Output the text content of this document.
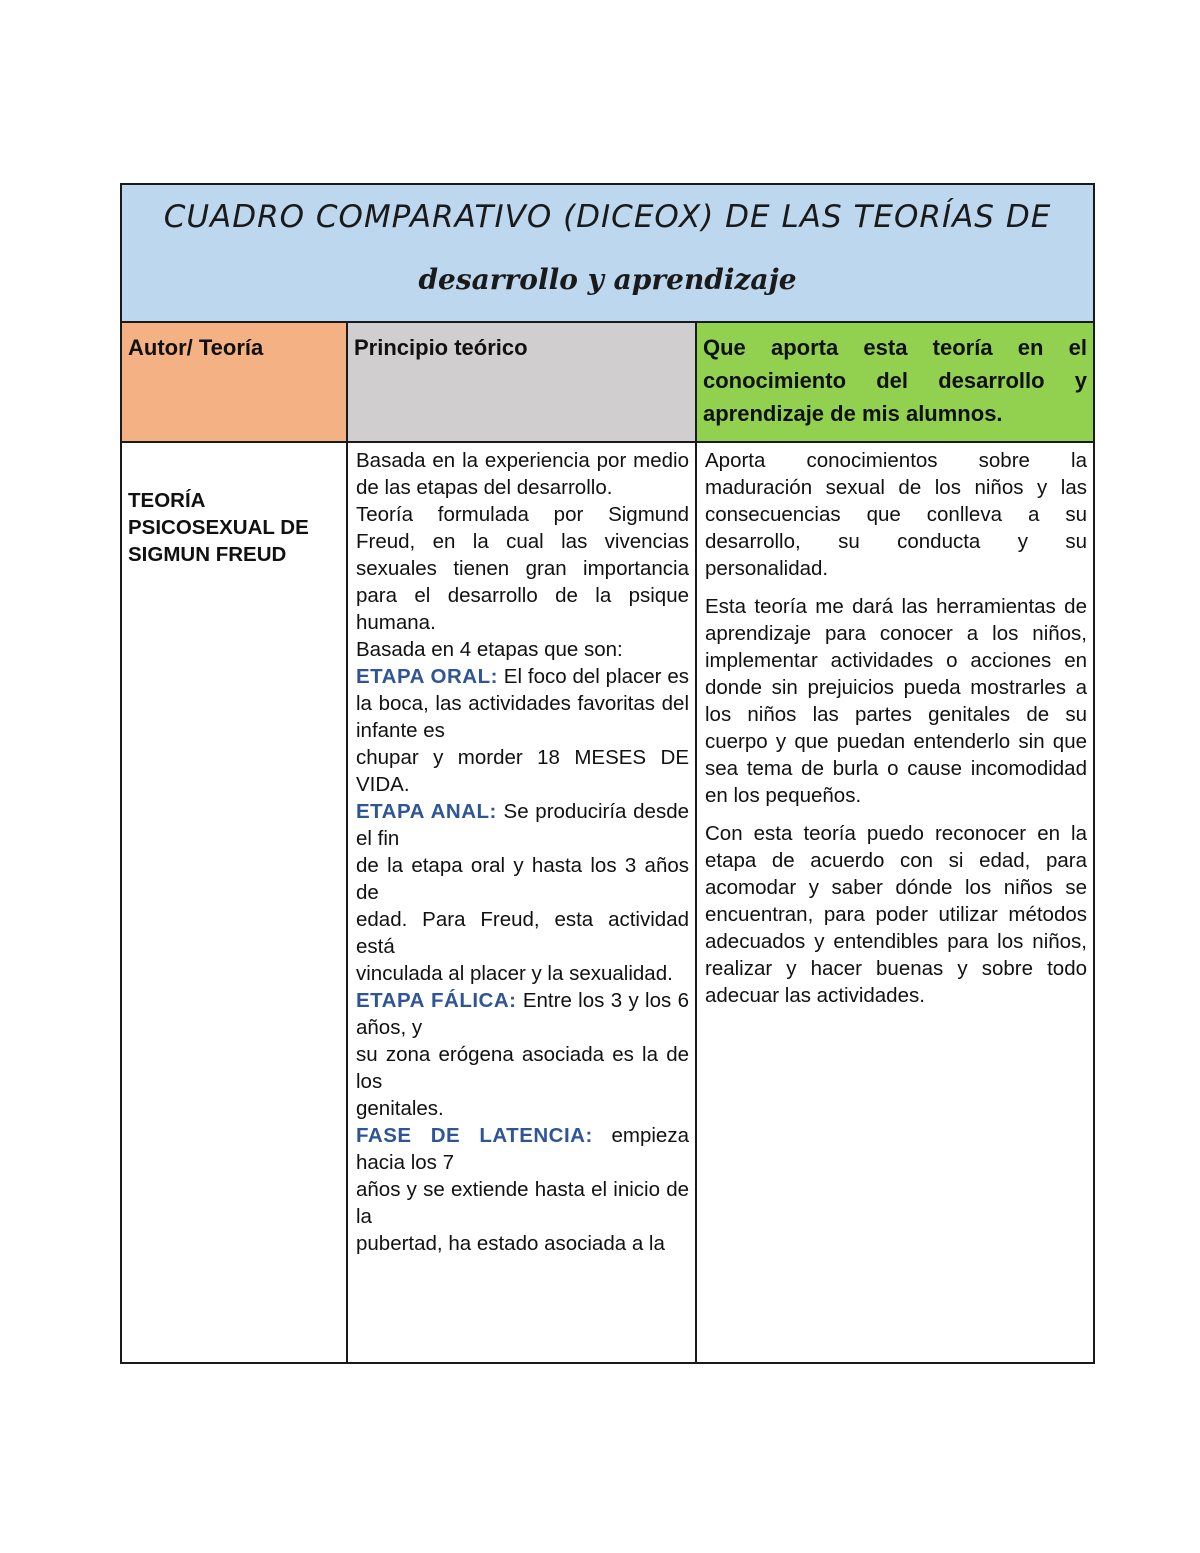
CUADRO COMPARATIVO (DICEOX) DE LAS TEORÍAS DE
desarrollo y aprendizaje
Autor/ Teoría	Principio teórico	Que aporta esta teoría en el conocimiento del desarrollo y aprendizaje de mis alumnos.
TEORÍA PSICOSEXUAL DE SIGMUN FREUD
Basada en la experiencia por medio de las etapas del desarrollo.
Teoría formulada por Sigmund Freud, en la cual las vivencias sexuales tienen gran importancia para el desarrollo de la psique humana.
Basada en 4 etapas que son:
ETAPA ORAL: El foco del placer es la boca, las actividades favoritas del infante es
chupar y morder 18 MESES DE VIDA.
ETAPA ANAL: Se produciría desde el fin
de la etapa oral y hasta los 3 años de
edad. Para Freud, esta actividad está
vinculada al placer y la sexualidad.
ETAPA FÁLICA: Entre los 3 y los 6 años, y
su zona erógena asociada es la de los
genitales.
FASE DE LATENCIA: empieza hacia los 7
años y se extiende hasta el inicio de la
pubertad, ha estado asociada a la
Aporta conocimientos sobre la maduración sexual de los niños y las consecuencias que conlleva a su desarrollo, su conducta y su personalidad.
Esta teoría me dará las herramientas de aprendizaje para conocer a los niños, implementar actividades o acciones en donde sin prejuicios pueda mostrarles a los niños las partes genitales de su cuerpo y que puedan entenderlo sin que sea tema de burla o cause incomodidad en los pequeños.
Con esta teoría puedo reconocer en la etapa de acuerdo con si edad, para acomodar y saber dónde los niños se encuentran, para poder utilizar métodos adecuados y entendibles para los niños, realizar y hacer buenas y sobre todo adecuar las actividades.
